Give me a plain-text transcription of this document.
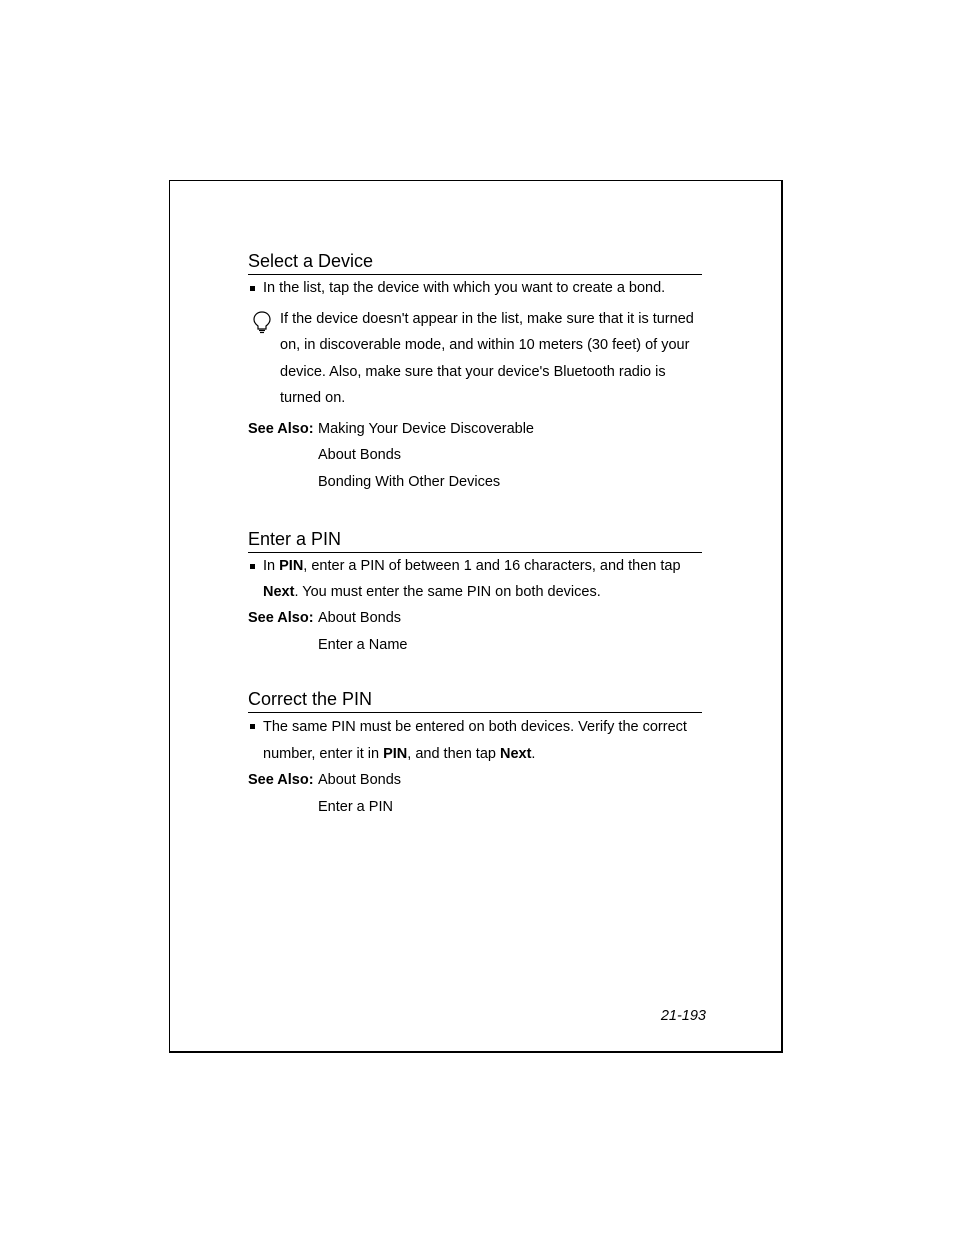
Select a Device
In the list, tap the device with which you want to create a bond.
If the device doesn't appear in the list, make sure that it is turned on, in discoverable mode, and within 10 meters (30 feet) of your device. Also, make sure that your device's Bluetooth radio is turned on.
See Also: Making Your Device Discoverable
About Bonds
Bonding With Other Devices
Enter a PIN
In PIN, enter a PIN of between 1 and 16 characters, and then tap Next. You must enter the same PIN on both devices.
See Also: About Bonds
Enter a Name
Correct the PIN
The same PIN must be entered on both devices. Verify the correct number, enter it in PIN, and then tap Next.
See Also: About Bonds
Enter a PIN
21-193
